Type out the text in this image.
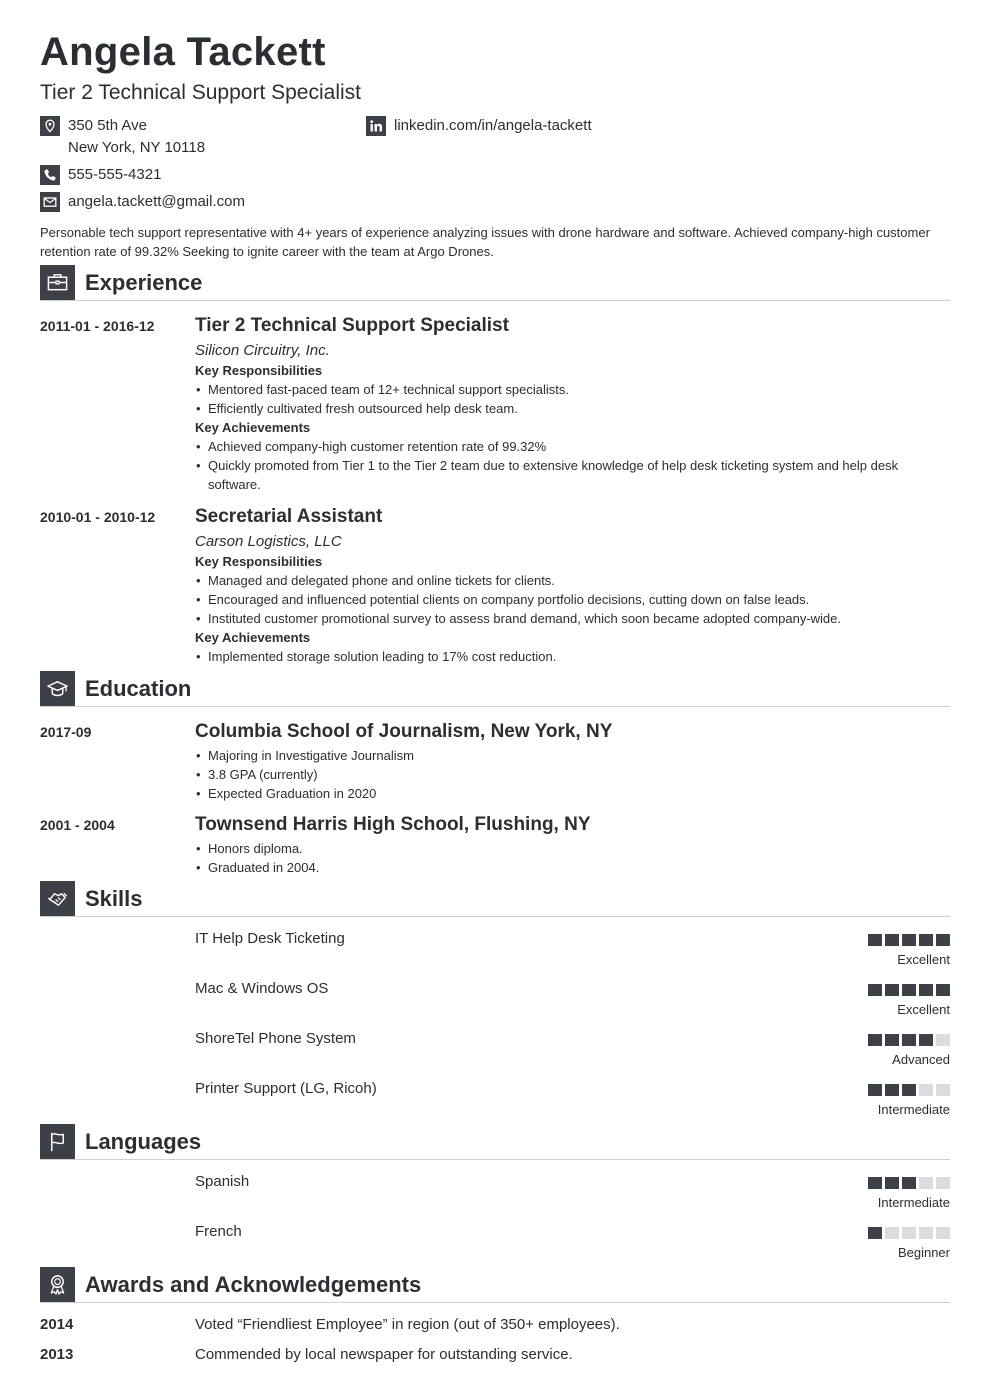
Angela Tackett
Tier 2 Technical Support Specialist
350 5th Ave
New York, NY 10118
linkedin.com/in/angela-tackett
555-555-4321
angela.tackett@gmail.com
Personable tech support representative with 4+ years of experience analyzing issues with drone hardware and software. Achieved company-high customer retention rate of 99.32% Seeking to ignite career with the team at Argo Drones.
Experience
2011-01 - 2016-12 Tier 2 Technical Support Specialist
Silicon Circuitry, Inc.
Key Responsibilities
• Mentored fast-paced team of 12+ technical support specialists.
• Efficiently cultivated fresh outsourced help desk team.
Key Achievements
• Achieved company-high customer retention rate of 99.32%
• Quickly promoted from Tier 1 to the Tier 2 team due to extensive knowledge of help desk ticketing system and help desk software.
2010-01 - 2010-12 Secretarial Assistant
Carson Logistics, LLC
Key Responsibilities
• Managed and delegated phone and online tickets for clients.
• Encouraged and influenced potential clients on company portfolio decisions, cutting down on false leads.
• Instituted customer promotional survey to assess brand demand, which soon became adopted company-wide.
Key Achievements
• Implemented storage solution leading to 17% cost reduction.
Education
2017-09	Columbia School of Journalism, New York, NY
• Majoring in Investigative Journalism
• 3.8 GPA (currently)
• Expected Graduation in 2020
2001 - 2004	Townsend Harris High School, Flushing, NY
• Honors diploma.
• Graduated in 2004.
Skills
IT Help Desk Ticketing
Excellent
Mac & Windows OS
Excellent
ShoreTel Phone System
Advanced
Printer Support (LG, Ricoh)
Intermediate
Languages
Spanish
Intermediate
French
Beginner
Awards and Acknowledgements
2014	Voted “Friendliest Employee” in region (out of 350+ employees).
2013	Commended by local newspaper for outstanding service.
